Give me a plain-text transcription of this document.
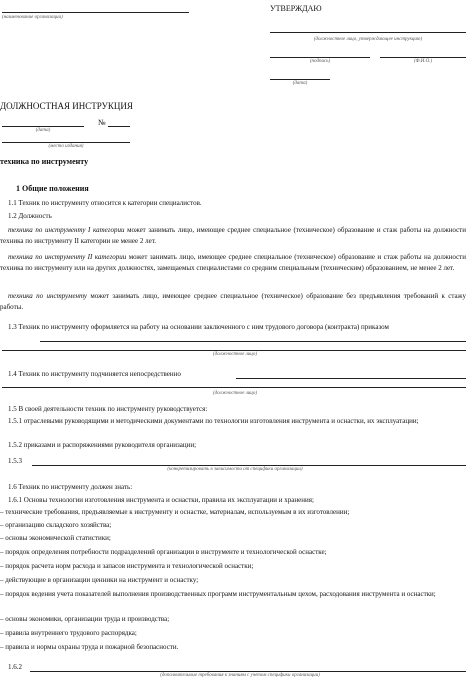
(наименование организации)
УТВЕРЖДАЮ
(должностное лицо, утверждающее инструкцию)
(подпись)	(Ф.И.О.)
(дата)
ДОЛЖНОСТНАЯ ИНСТРУКЦИЯ
(дата)
№
(место издания)
техника по инструменту
1 Общие положения
1.1 Техник по инструменту относится к категории специалистов.
1.2 Должность
техника по инструменту I категории может занимать лицо, имеющее среднее специальное (техническое) образование и стаж работы на должности техника по инструменту II категории не менее 2 лет.
техника по инструменту II категории может занимать лицо, имеющее среднее специальное (техническое) образование и стаж работы на должности техника по инструменту или на других должностях, замещаемых специалистами со средним специальным (техническим) образованием, не менее 2 лет.
техника по инструменту может занимать лицо, имеющее среднее специальное (техническое) образование без предъявления требований к стажу работы.
1.3 Техник по инструменту оформляется на работу на основании заключенного с ним трудового договора (контракта) приказом
(должностное лицо)
1.4 Техник по инструменту подчиняется непосредственно
(должностное лицо)
1.5 В своей деятельности техник по инструменту руководствуется:
1.5.1 отраслевыми руководящими и методическими документами по технологии изготовления инструмента и оснастки, их эксплуатации;
1.5.2 приказами и распоряжениями руководителя организации;
1.5.3
(конкретизировать в зависимости от специфики организации)
1.6 Техник по инструменту должен знать:
1.6.1 Основы технологии изготовления инструмента и оснастки, правила их эксплуатации и хранения;
– технические требования, предъявляемые к инструменту и оснастке, материалам, используемым в их изготовлении;
– организацию складского хозяйства;
– основы экономической статистики;
– порядок определения потребности подразделений организации в инструменте и технологической оснастке;
– порядок расчета норм расхода и запасов инструмента и технологической оснастки;
– действующие в организации ценники на инструмент и оснастку;
– порядок ведения учета показателей выполнения производственных программ инструментальным цехом, расходования инструмента и оснастки;
– основы экономики, организации труда и производства;
– правила внутреннего трудового распорядка;
– правила и нормы охраны труда и пожарной безопасности.
1.6.2
(дополнительные требования к знаниям с учетом специфики организации)
